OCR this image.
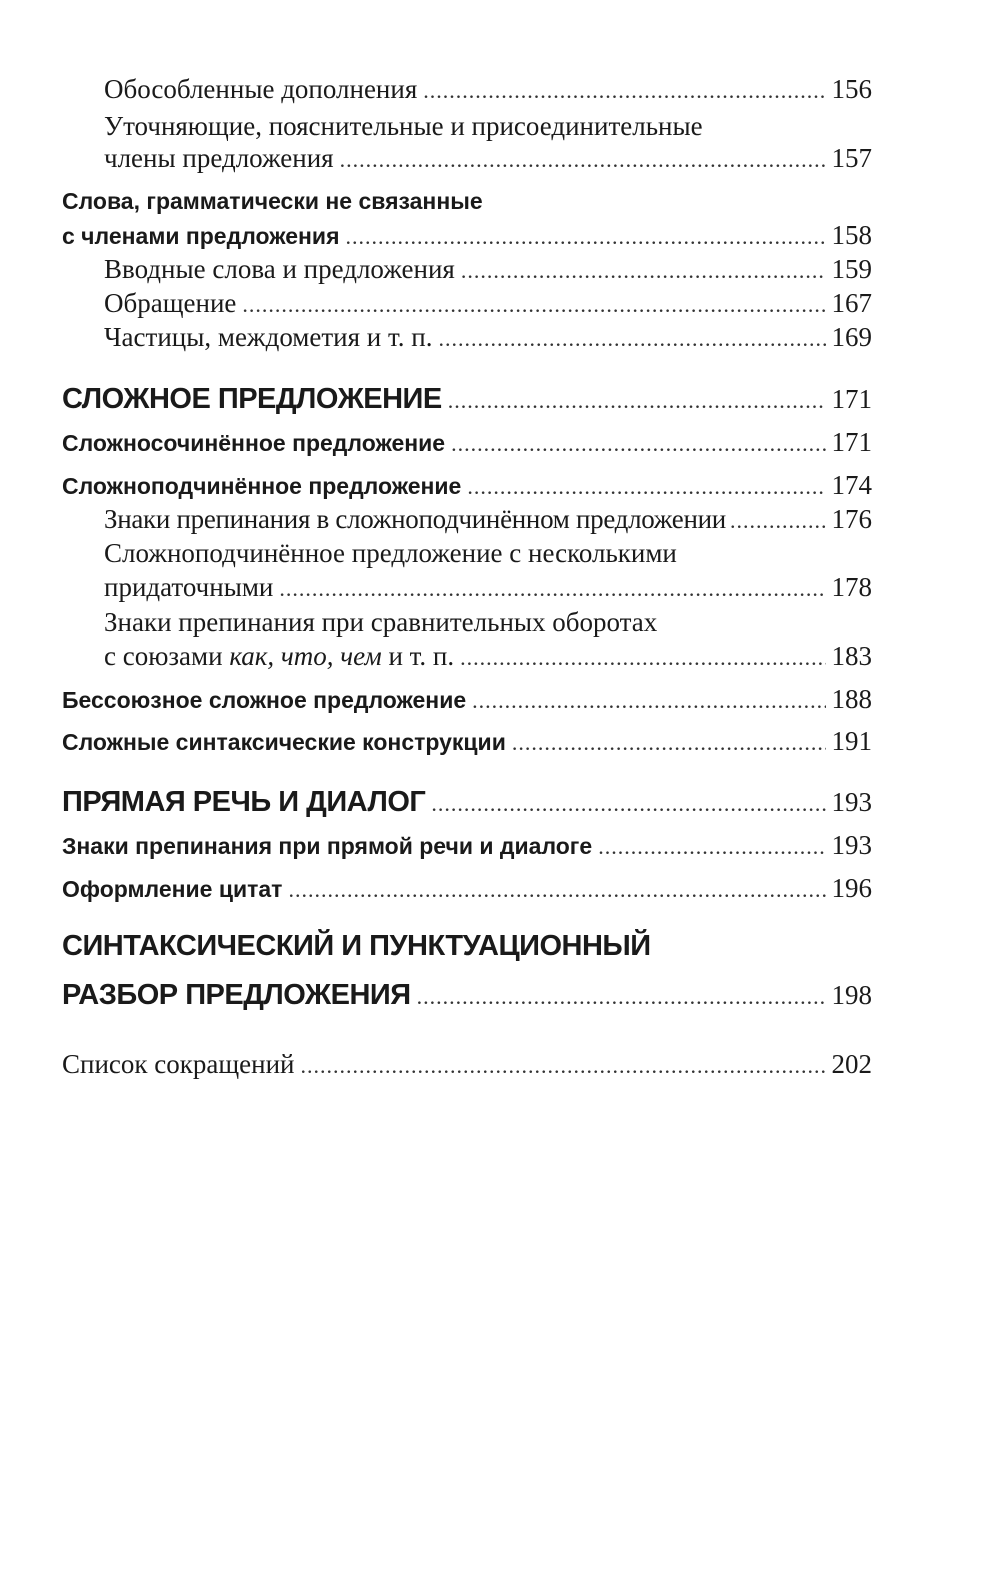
Обособленные дополнения .....	156
Уточняющие, пояснительные и присоединительные
члены предложения .....	157
Слова, грамматически не связанные
с членами предложения .....	158
Вводные слова и предложения .....	159
Обращение .....	167
Частицы, междометия и т. п. .....	169
СЛОЖНОЕ ПРЕДЛОЖЕНИЕ .....	171
Сложносочинённое предложение .....	171
Сложноподчинённое предложение .....	174
Знаки препинания в сложноподчинённом предложении .....	176
Сложноподчинённое предложение с несколькими
придаточными .....	178
Знаки препинания при сравнительных оборотах
с союзами как, что, чем и т. п. .....	183
Бессоюзное сложное предложение .....	188
Сложные синтаксические конструкции .....	191
ПРЯМАЯ РЕЧЬ И ДИАЛОГ .....	193
Знаки препинания при прямой речи и диалоге .....	193
Оформление цитат .....	196
СИНТАКСИЧЕСКИЙ И ПУНКТУАЦИОННЫЙ
РАЗБОР ПРЕДЛОЖЕНИЯ .....	198
Список сокращений .....	202
